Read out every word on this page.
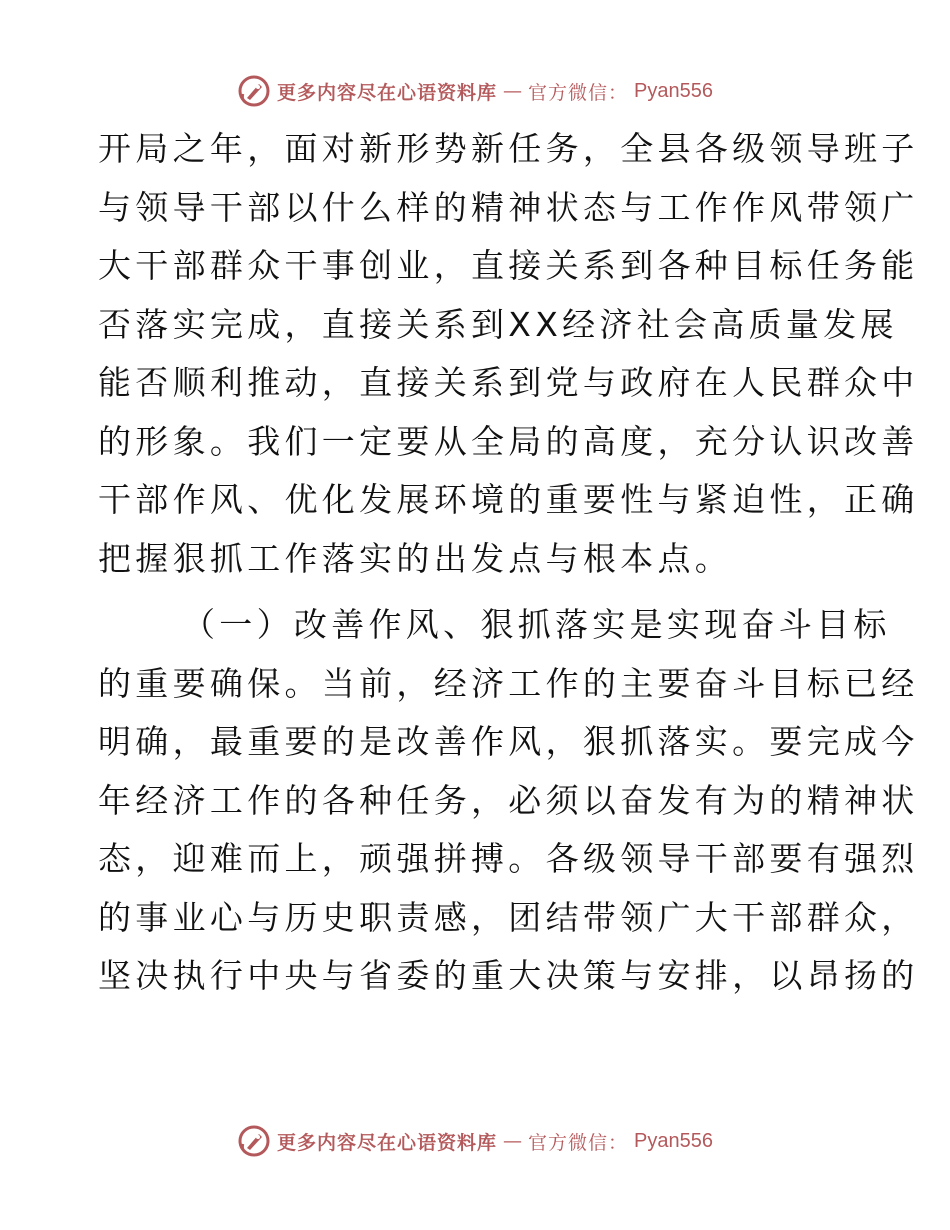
更多内容尽在心语资料库 — 官方微信： Pyan556
开局之年，面对新形势新任务，全县各级领导班子
与领导干部以什么样的精神状态与工作作风带领广
大干部群众干事创业，直接关系到各种目标任务能
否落实完成，直接关系到XX经济社会高质量发展
能否顺利推动，直接关系到党与政府在人民群众中
的形象。我们一定要从全局的高度，充分认识改善
干部作风、优化发展环境的重要性与紧迫性，正确
把握狠抓工作落实的出发点与根本点。
（一）改善作风、狠抓落实是实现奋斗目标
的重要确保。当前，经济工作的主要奋斗目标已经
明确，最重要的是改善作风，狠抓落实。要完成今
年经济工作的各种任务，必须以奋发有为的精神状
态，迎难而上，顽强拼搏。各级领导干部要有强烈
的事业心与历史职责感，团结带领广大干部群众，
坚决执行中央与省委的重大决策与安排，以昂扬的
更多内容尽在心语资料库 — 官方微信： Pyan556
